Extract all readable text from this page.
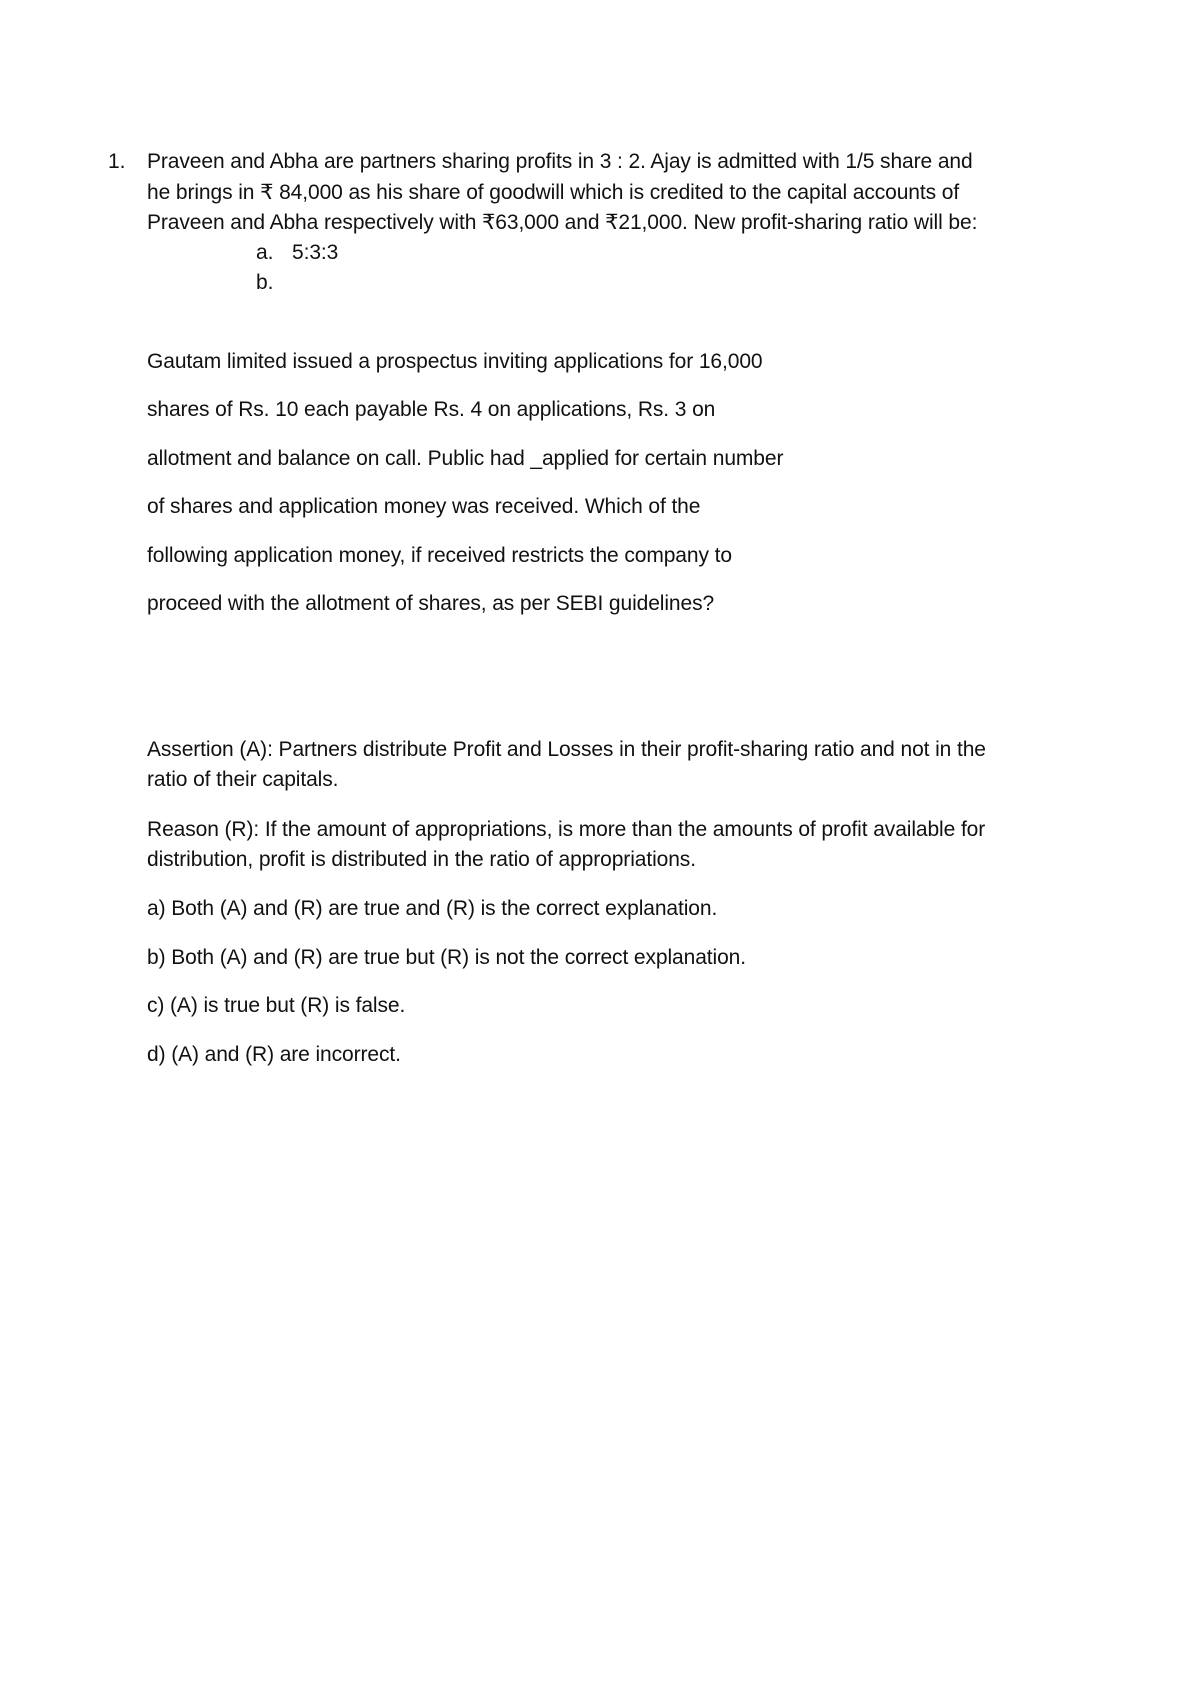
1. Praveen and Abha are partners sharing profits in 3 : 2. Ajay is admitted with 1/5 share and
he brings in ₹ 84,000 as his share of goodwill which is credited to the capital accounts of
Praveen and Abha respectively with ₹63,000 and ₹21,000. New profit-sharing ratio will be:
a. 5:3:3
b.
Gautam limited issued a prospectus inviting applications for 16,000
shares of Rs. 10 each payable Rs. 4 on applications, Rs. 3 on
allotment and balance on call. Public had _applied for certain number
of shares and application money was received. Which of the
following application money, if received restricts the company to
proceed with the allotment of shares, as per SEBI guidelines?
Assertion (A): Partners distribute Profit and Losses in their profit-sharing ratio and not in the
ratio of their capitals.
Reason (R): If the amount of appropriations, is more than the amounts of profit available for
distribution, profit is distributed in the ratio of appropriations.
a) Both (A) and (R) are true and (R) is the correct explanation.
b) Both (A) and (R) are true but (R) is not the correct explanation.
c) (A) is true but (R) is false.
d) (A) and (R) are incorrect.
